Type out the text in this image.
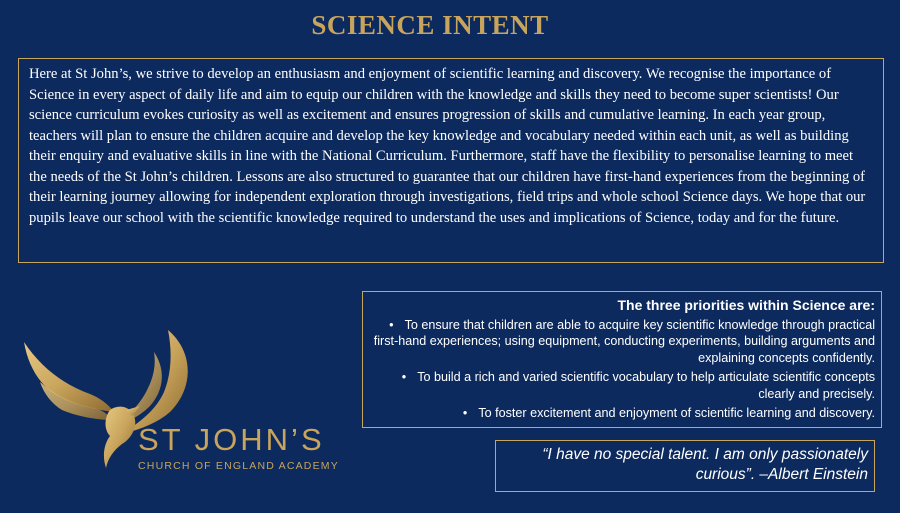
SCIENCE INTENT
Here at St John’s, we strive to develop an enthusiasm and enjoyment of scientific learning and discovery. We recognise the importance of Science in every aspect of daily life and aim to equip our children with the knowledge and skills they need to become super scientists! Our science curriculum evokes curiosity as well as excitement and ensures progression of skills and cumulative learning. In each year group, teachers will plan to ensure the children acquire and develop the key knowledge and vocabulary needed within each unit, as well as building their enquiry and evaluative skills in line with the National Curriculum. Furthermore, staff have the flexibility to personalise learning to meet the needs of the St John’s children. Lessons are also structured to guarantee that our children have first-hand experiences from the beginning of their learning journey allowing for independent exploration through investigations, field trips and whole school Science days. We hope that our pupils leave our school with the scientific knowledge required to understand the uses and implications of Science, today and for the future.
The three priorities within Science are:
• To ensure that children are able to acquire key scientific knowledge through practical first-hand experiences; using equipment, conducting experiments, building arguments and explaining concepts confidently.
• To build a rich and varied scientific vocabulary to help articulate scientific concepts clearly and precisely.
• To foster excitement and enjoyment of scientific learning and discovery.
“I have no special talent. I am only passionately curious”. –Albert Einstein
ST JOHN’S
CHURCH OF ENGLAND ACADEMY
